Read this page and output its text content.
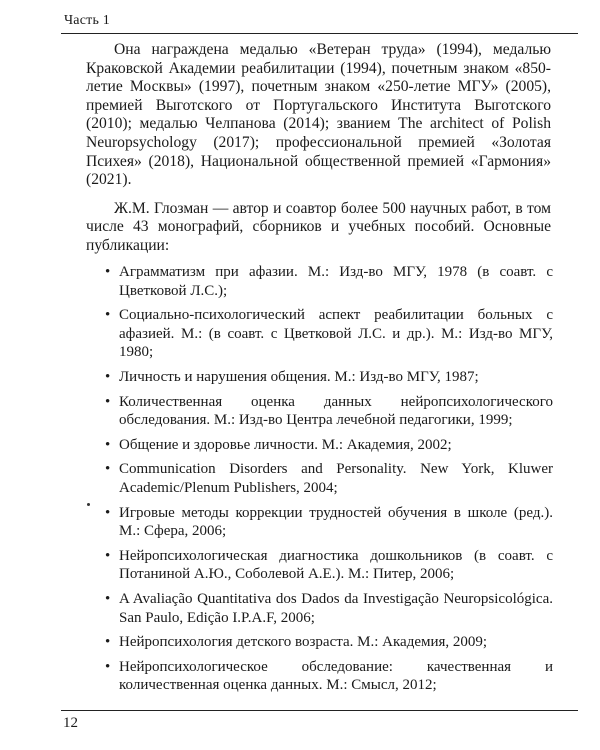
Часть 1

Она награждена медалью «Ветеран труда» (1994), медалью Краковской Академии реабилитации (1994), почетным знаком «850-летие Москвы» (1997), почетным знаком «250-летие МГУ» (2005), премией Выготского от Португальского Института Выготского (2010); медалью Челпанова (2014); званием The architect of Polish Neuropsychology (2017); профессиональной премией «Золотая Психея» (2018), Национальной общественной премией «Гармония» (2021).

Ж.М. Глозман — автор и соавтор более 500 научных работ, в том числе 43 монографий, сборников и учебных пособий. Основные публикации:

• Аграмматизм при афазии. М.: Изд-во МГУ, 1978 (в соавт. с Цветковой Л.С.);
• Социально-психологический аспект реабилитации больных с афазией. М.: (в соавт. с Цветковой Л.С. и др.). М.: Изд-во МГУ, 1980;
• Личность и нарушения общения. М.: Изд-во МГУ, 1987;
• Количественная оценка данных нейропсихологического обследования. М.: Изд-во Центра лечебной педагогики, 1999;
• Общение и здоровье личности. М.: Академия, 2002;
• Communication Disorders and Personality. New York, Kluwer Academic/Plenum Publishers, 2004;
• Игровые методы коррекции трудностей обучения в школе (ред.). М.: Сфера, 2006;
• Нейропсихологическая диагностика дошкольников (в соавт. с Потаниной А.Ю., Соболевой А.Е.). М.: Питер, 2006;
• A Avaliação Quantitativa dos Dados da Investigação Neuropsicológica. San Paulo, Edição I.P.A.F, 2006;
• Нейропсихология детского возраста. М.: Академия, 2009;
• Нейропсихологическое обследование: качественная и количественная оценка данных. М.: Смысл, 2012;
12
